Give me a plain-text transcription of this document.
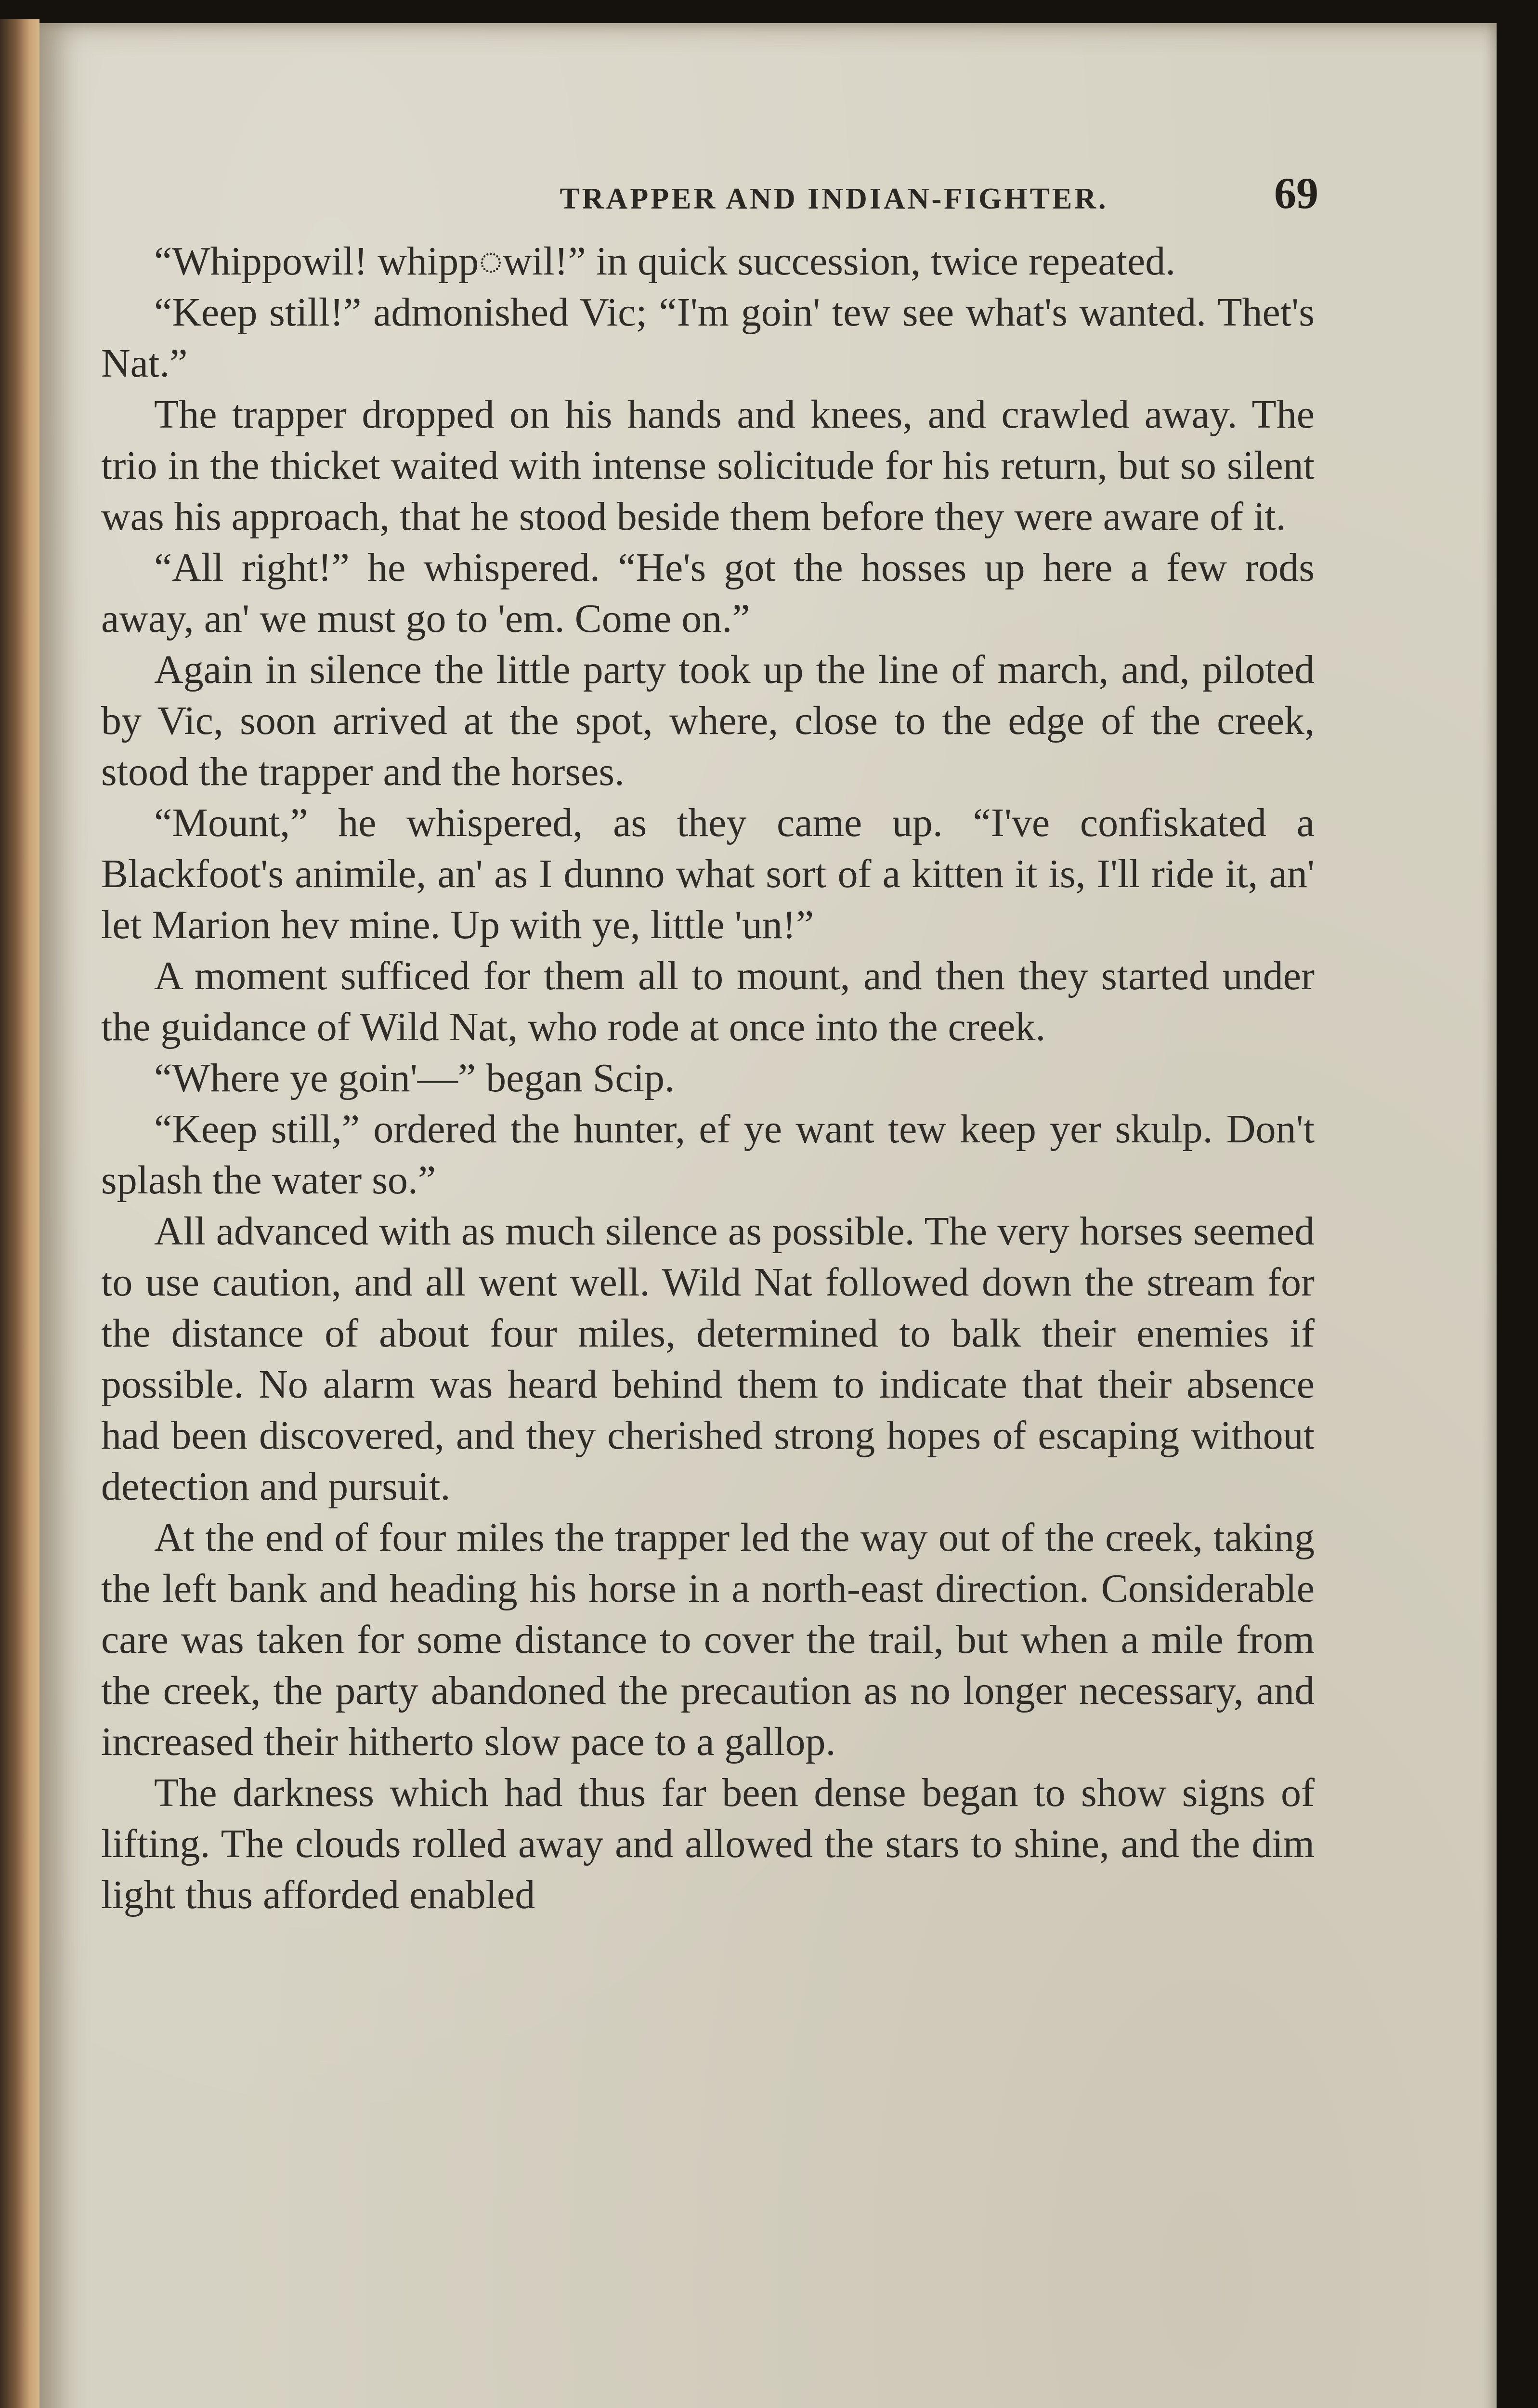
TRAPPER AND INDIAN-FIGHTER.	69

“Whippowil! whipp◌wil!” in quick succession, twice repeated.

“Keep still!” admonished Vic; “I'm goin' tew see what's wanted. Thet's Nat.”

The trapper dropped on his hands and knees, and crawled away. The trio in the thicket waited with intense solicitude for his return, but so silent was his approach, that he stood beside them before they were aware of it.

“All right!” he whispered. “He's got the hosses up here a few rods away, an' we must go to 'em. Come on.”

Again in silence the little party took up the line of march, and, piloted by Vic, soon arrived at the spot, where, close to the edge of the creek, stood the trapper and the horses.

“Mount,” he whispered, as they came up. “I've confiskated a Blackfoot's animile, an' as I dunno what sort of a kitten it is, I'll ride it, an' let Marion hev mine. Up with ye, little 'un!”

A moment sufficed for them all to mount, and then they started under the guidance of Wild Nat, who rode at once into the creek.

“Where ye goin'—” began Scip.

“Keep still,” ordered the hunter, ef ye want tew keep yer skulp. Don't splash the water so.”

All advanced with as much silence as possible. The very horses seemed to use caution, and all went well. Wild Nat followed down the stream for the distance of about four miles, determined to balk their enemies if possible. No alarm was heard behind them to indicate that their absence had been discovered, and they cherished strong hopes of escaping without detection and pursuit.

At the end of four miles the trapper led the way out of the creek, taking the left bank and heading his horse in a north-east direction. Considerable care was taken for some distance to cover the trail, but when a mile from the creek, the party abandoned the precaution as no longer necessary, and increased their hitherto slow pace to a gallop.

The darkness which had thus far been dense began to show signs of lifting. The clouds rolled away and allowed the stars to shine, and the dim light thus afforded enabled
